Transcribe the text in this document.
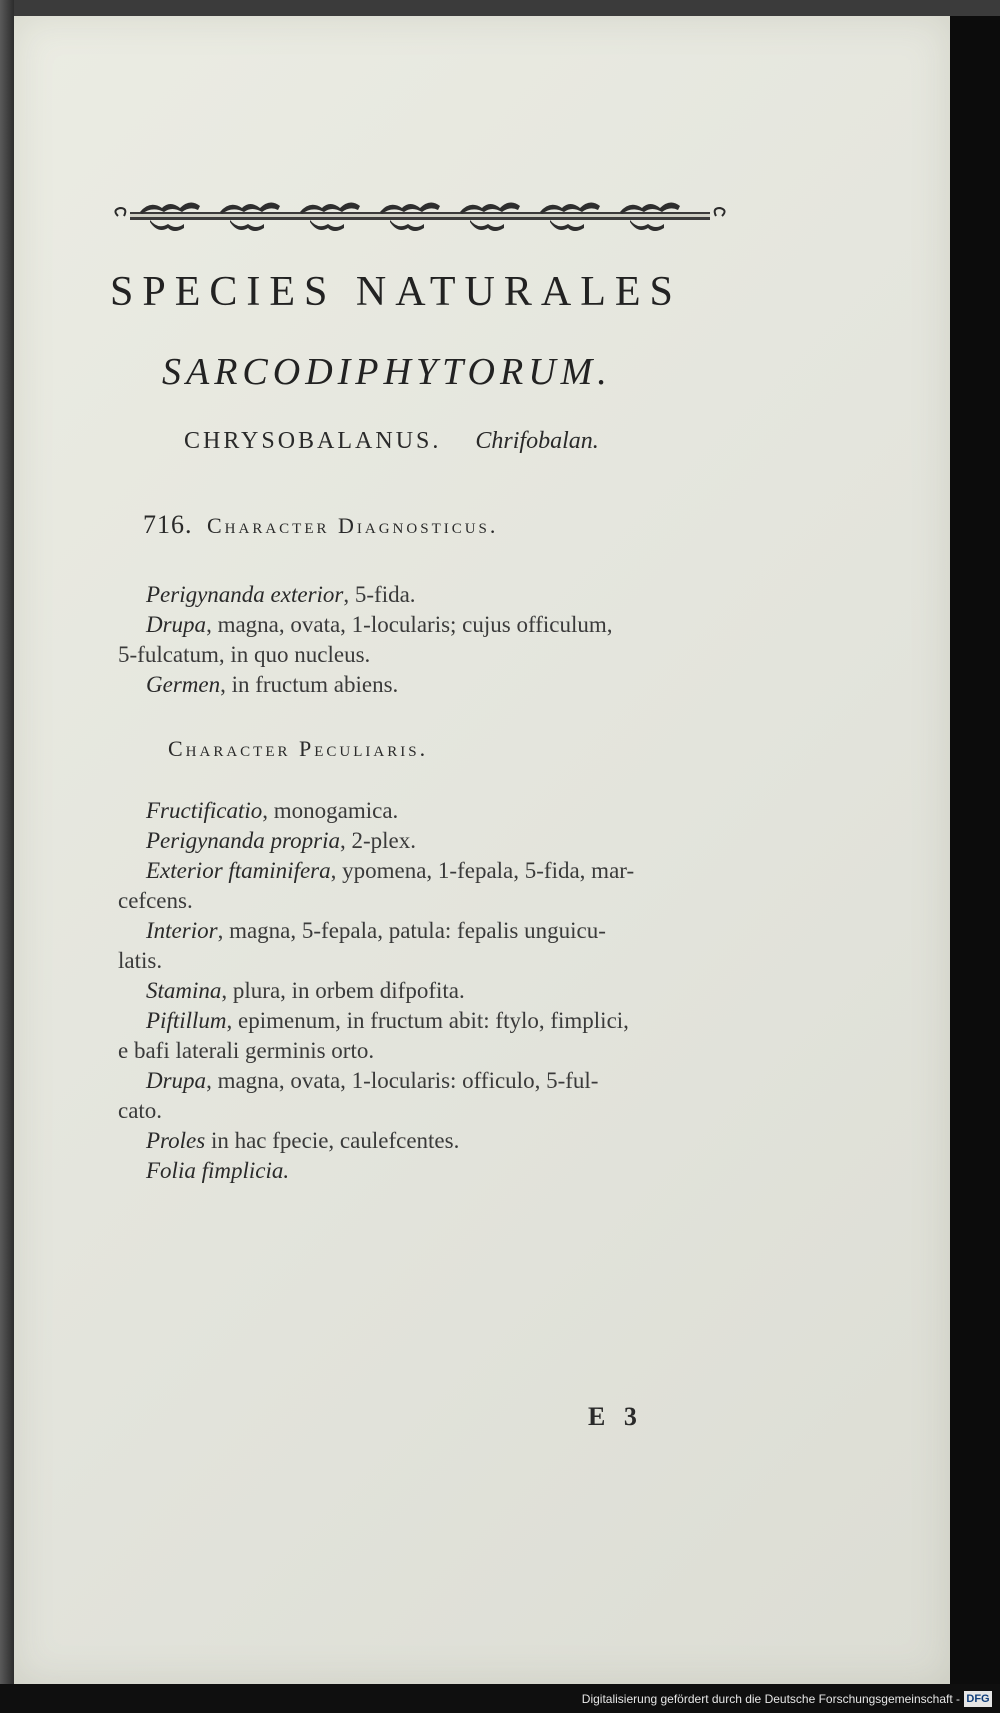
SPECIES NATURALES
SARCODIPHYTORUM.
CHRYSOBALANUS. Chrifobalan.
716. Character Diagnosticus.
Perigynanda exterior, 5-fida.
Drupa, magna, ovata, 1-locularis; cujus officulum,
5-fulcatum, in quo nucleus.
Germen, in fructum abiens.
Character Peculiaris.
Fructificatio, monogamica.
Perigynanda propria, 2-plex.
Exterior ftaminifera, ypomena, 1-fepala, 5-fida, mar-
cefcens.
Interior, magna, 5-fepala, patula: fepalis unguicu-
latis.
Stamina, plura, in orbem difpofita.
Piftillum, epimenum, in fructum abit: ftylo, fimplici,
e bafi laterali germinis orto.
Drupa, magna, ovata, 1-locularis: officulo, 5-ful-
cato.
Proles in hac fpecie, caulefcentes.
Folia fimplicia.
E 3
Digitalisierung gefördert durch die Deutsche Forschungsgemeinschaft - DFG
